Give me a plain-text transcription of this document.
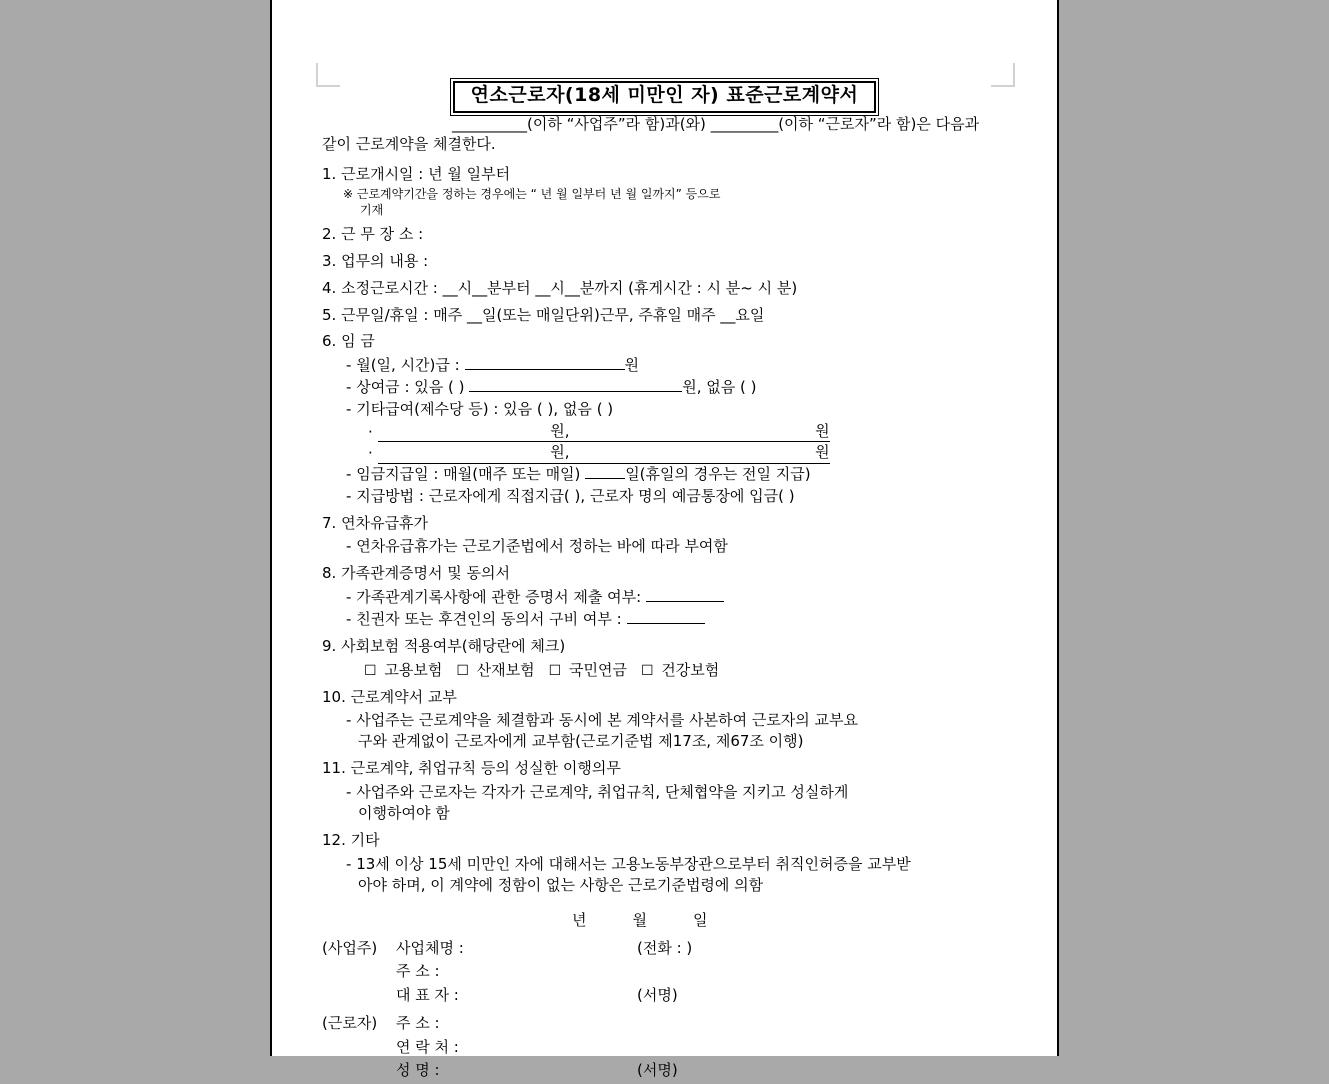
연소근로자(18세 미만인 자) 표준근로계약서

__________(이하 “사업주”라 함)과(와) _________(이하 “근로자”라 함)은 다음과
같이 근로계약을 체결한다.

1. 근로개시일 : 년 월 일부터

※ 근로계약기간을 정하는 경우에는 “ 년 월 일부터 년 월 일까지” 등으로
기재

2. 근 무 장 소 :

3. 업무의 내용 :

4. 소정근로시간 : __시__분부터 __시__분까지 (휴게시간 : 시 분~ 시 분)

5. 근무일/휴일 : 매주 __일(또는 매일단위)근무, 주휴일 매주 __요일

6. 임 금

- 월(일, 시간)급 :	원

- 상여금 : 있음 ( )	원, 없음 ( )

- 기타급여(제수당 등) : 있음 ( ), 없음 ( )

·	원,	원

·	원,	원

- 임금지급일 : 매월(매주 또는 매일)	일(휴일의 경우는 전일 지급)

- 지급방법 : 근로자에게 직접지급( ), 근로자 명의 예금통장에 입금( )

7. 연차유급휴가

- 연차유급휴가는 근로기준법에서 정하는 바에 따라 부여함

8. 가족관계증명서 및 동의서

- 가족관계기록사항에 관한 증명서 제출 여부:

- 친권자 또는 후견인의 동의서 구비 여부 :

9. 사회보험 적용여부(해당란에 체크)

☐ 고용보험 ☐ 산재보험 ☐ 국민연금 ☐ 건강보험

10. 근로계약서 교부

- 사업주는 근로계약을 체결함과 동시에 본 계약서를 사본하여 근로자의 교부요
구와 관계없이 근로자에게 교부함(근로기준법 제17조, 제67조 이행)

11. 근로계약, 취업규칙 등의 성실한 이행의무

- 사업주와 근로자는 각자가 근로계약, 취업규칙, 단체협약을 지키고 성실하게
이행하여야 함

12. 기타

- 13세 이상 15세 미만인 자에 대해서는 고용노동부장관으로부터 취직인허증을 교부받
아야 하며, 이 계약에 정함이 없는 사항은 근로기준법령에 의함

년	월	일

(사업주) 사업체명 :	(전화 : )

주 소 :

대 표 자 :	(서명)

(근로자) 주 소 :

연 락 처 :

성 명 :	(서명)
